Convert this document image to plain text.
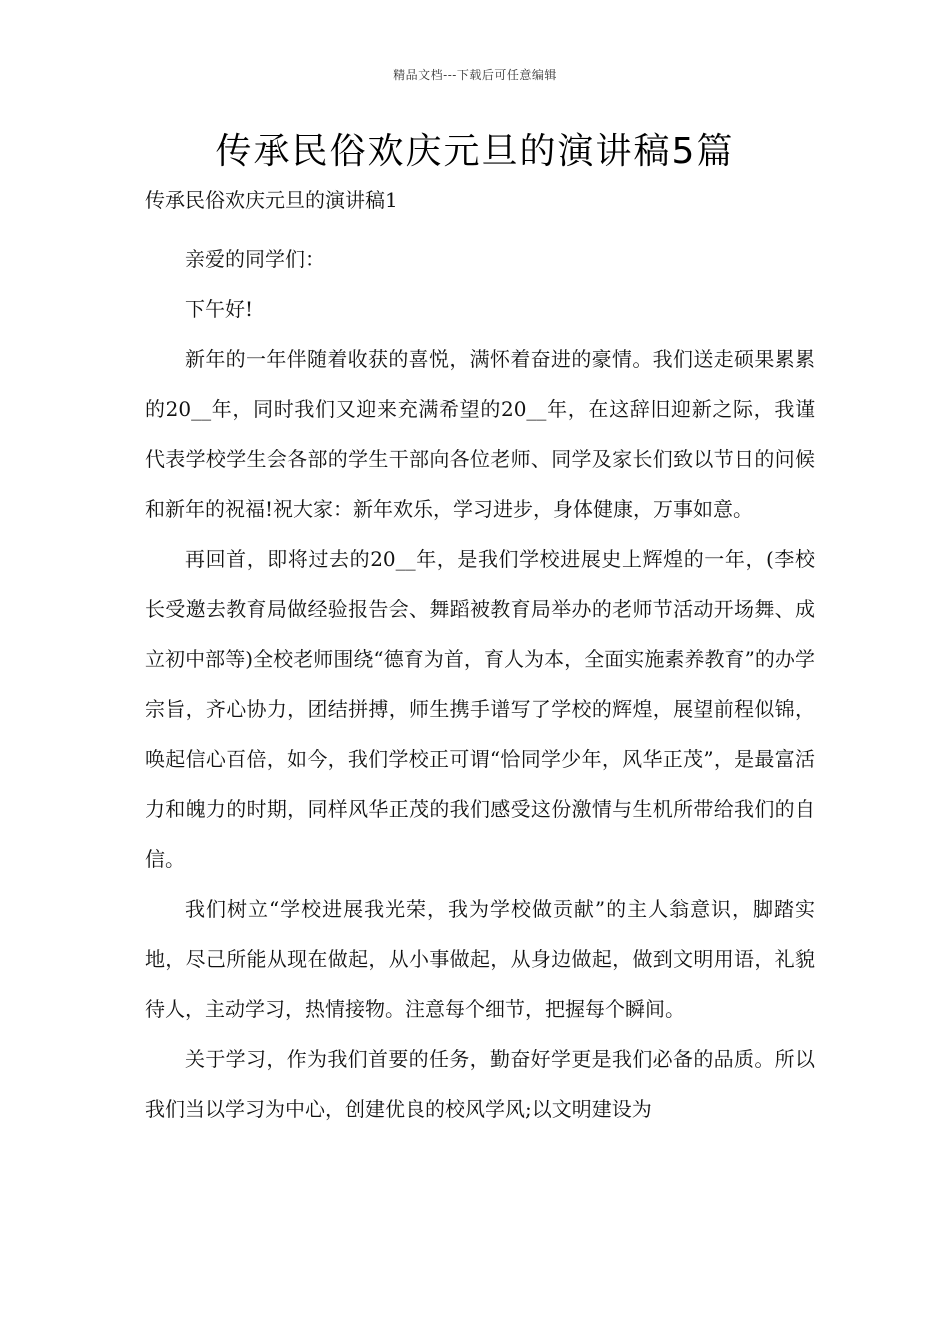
精品文档---下载后可任意编辑
传承民俗欢庆元旦的演讲稿5篇

传承民俗欢庆元旦的演讲稿1

亲爱的同学们：

下午好!

新年的一年伴随着收获的喜悦，满怀着奋进的豪情。我们送走硕果累累的20__年，同时我们又迎来充满希望的20__年，在这辞旧迎新之际，我谨代表学校学生会各部的学生干部向各位老师、同学及家长们致以节日的问候和新年的祝福!祝大家：新年欢乐，学习进步，身体健康，万事如意。

再回首，即将过去的20__年，是我们学校进展史上辉煌的一年，(李校长受邀去教育局做经验报告会、舞蹈被教育局举办的老师节活动开场舞、成立初中部等)全校老师围绕“德育为首，育人为本，全面实施素养教育”的办学宗旨，齐心协力，团结拼搏，师生携手谱写了学校的辉煌，展望前程似锦，唤起信心百倍，如今，我们学校正可谓“恰同学少年，风华正茂”，是最富活力和魄力的时期，同样风华正茂的我们感受这份激情与生机所带给我们的自信。

我们树立“学校进展我光荣，我为学校做贡献”的主人翁意识，脚踏实地，尽己所能从现在做起，从小事做起，从身边做起，做到文明用语，礼貌待人，主动学习，热情接物。注意每个细节，把握每个瞬间。

关于学习，作为我们首要的任务，勤奋好学更是我们必备的品质。所以我们当以学习为中心，创建优良的校风学风;以文明建设为
